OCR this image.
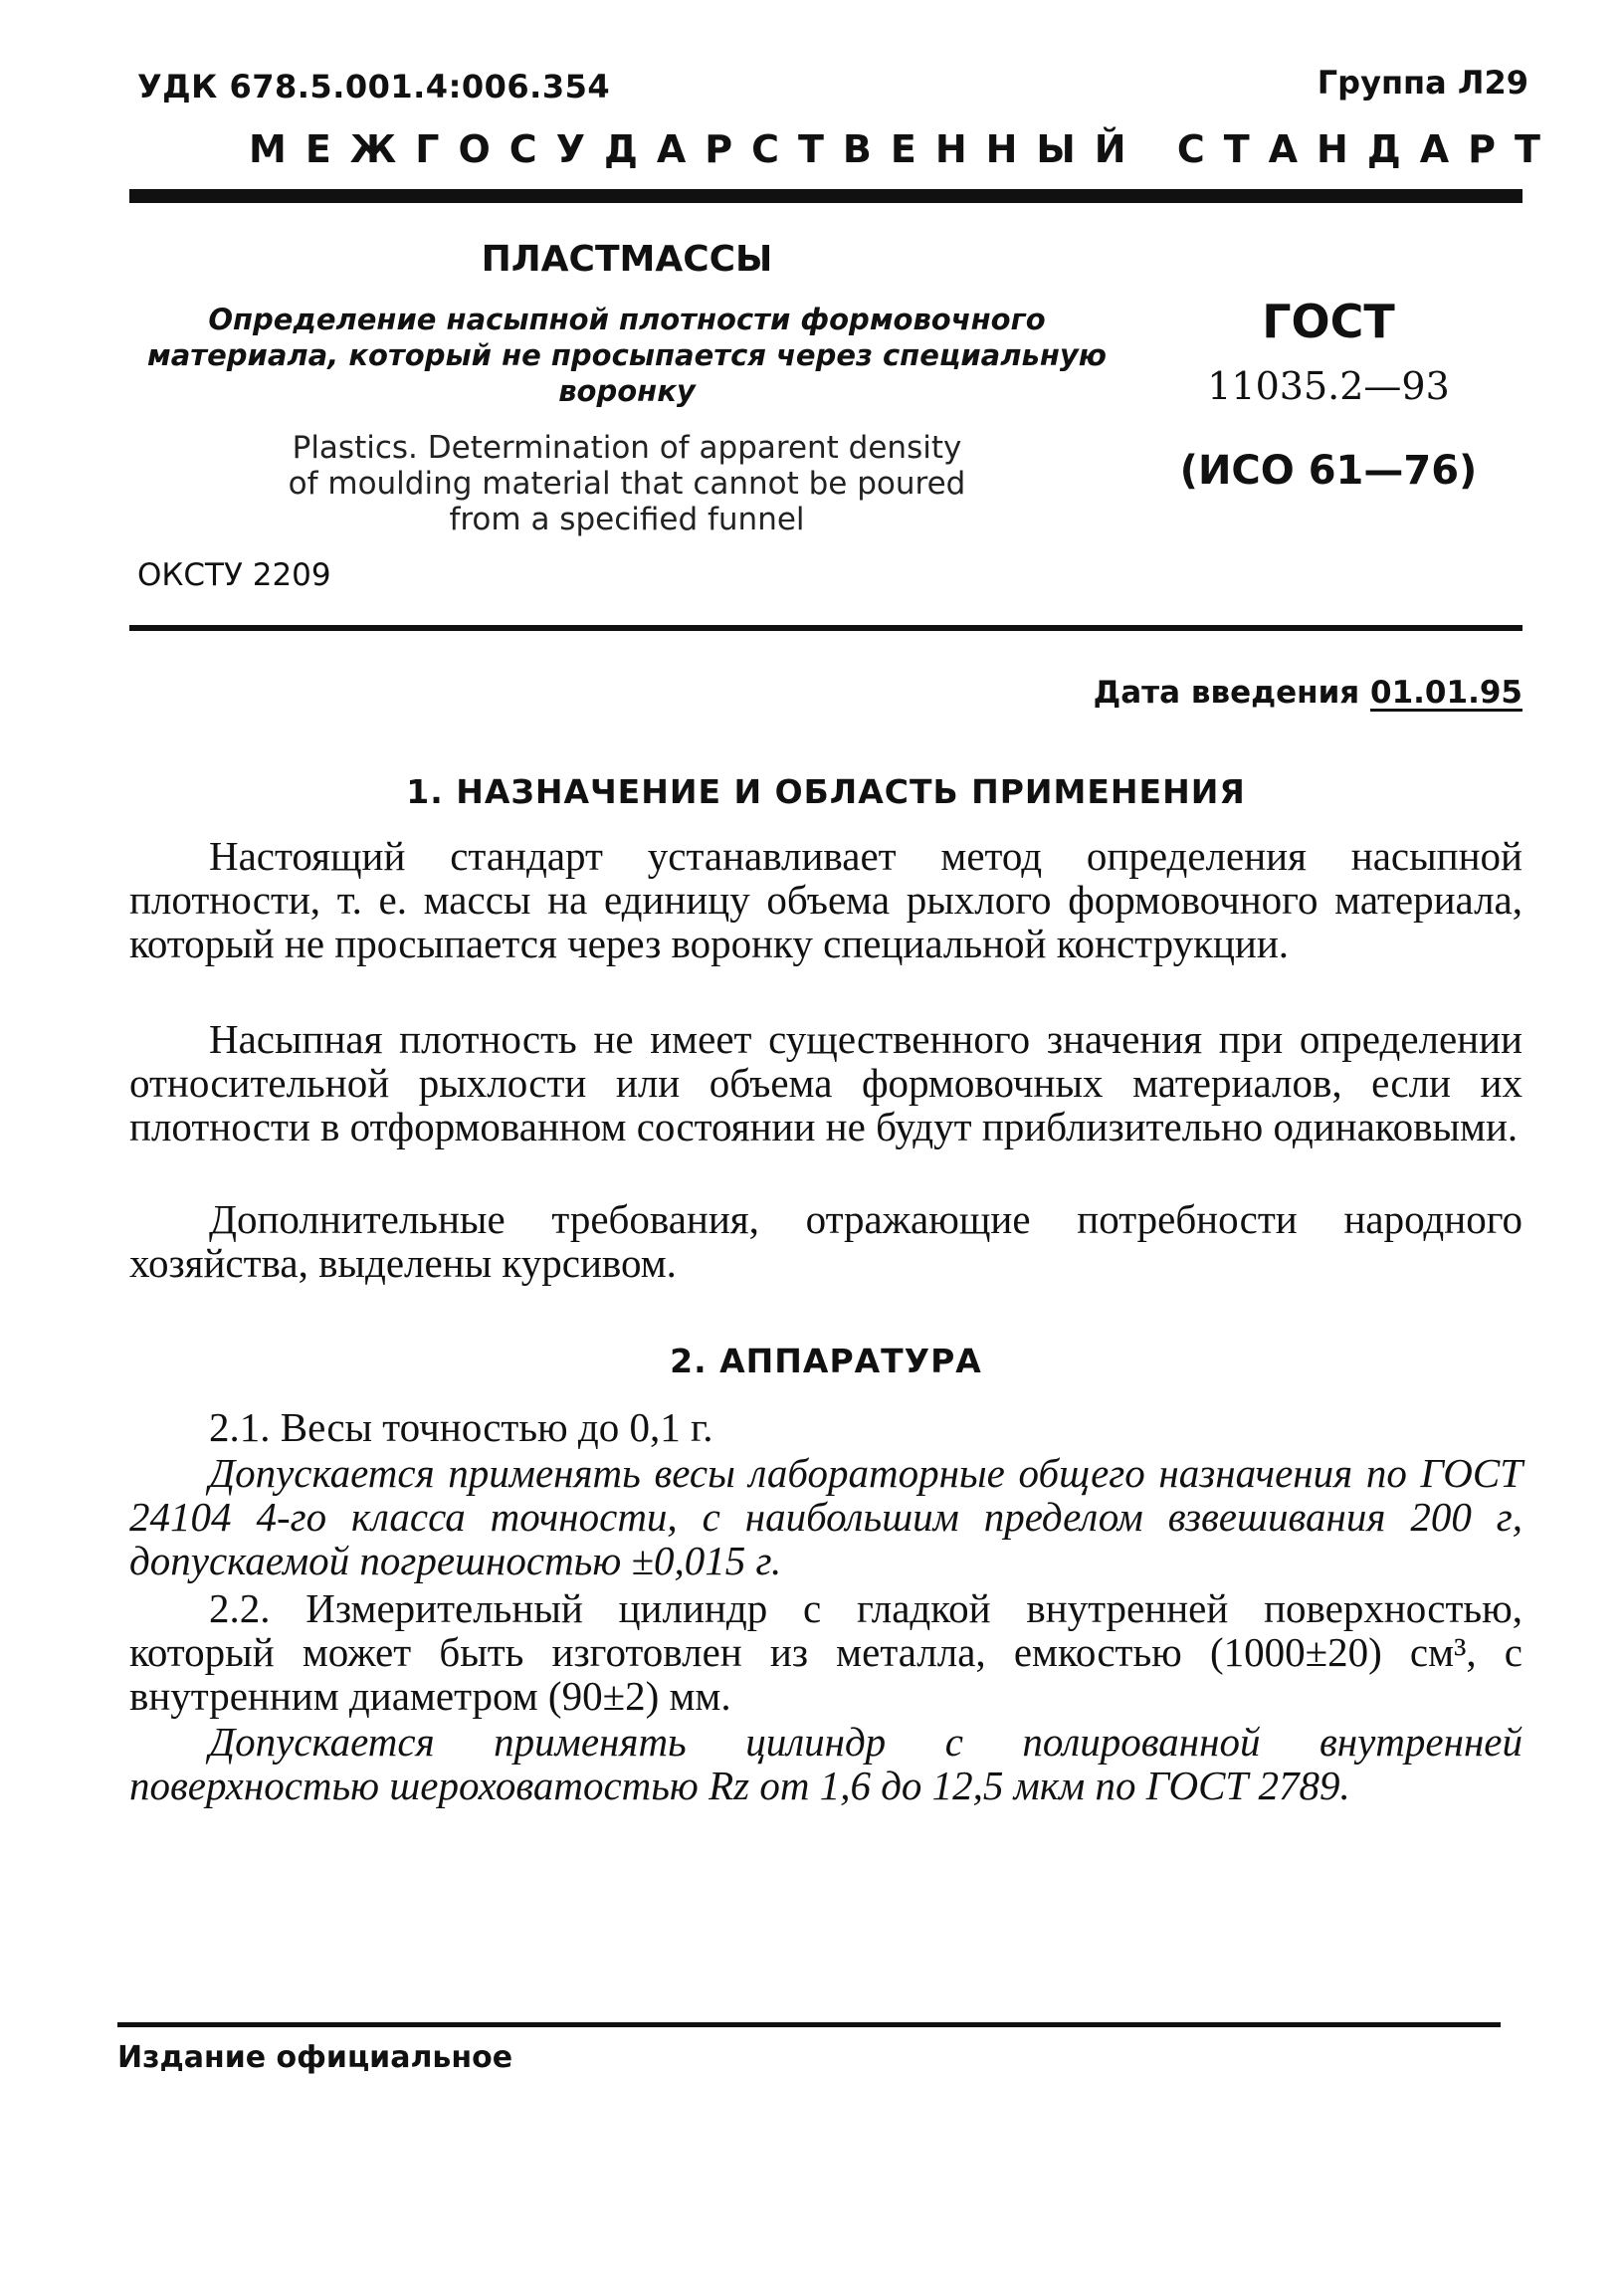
УДК 678.5.001.4:006.354	Группа Л29
МЕЖГОСУДАРСТВЕННЫЙ СТАНДАРТ
ПЛАСТМАССЫ
Определение насыпной плотности формовочного
материала, который не просыпается через специальную
воронку
Plastics. Determination of apparent density
of moulding material that cannot be poured
from a specified funnel
ГОСТ
11035.2—93
(ИСО 61—76)
ОКСТУ 2209
Дата введения 01.01.95
1. НАЗНАЧЕНИЕ И ОБЛАСТЬ ПРИМЕНЕНИЯ

Настоящий стандарт устанавливает метод определения насыпной плотности, т. е. массы на единицу объема рыхлого формовочного материала, который не просыпается через воронку специальной конструкции.

Насыпная плотность не имеет существенного значения при определении относительной рыхлости или объема формовочных материалов, если их плотности в отформованном состоянии не будут приблизительно одинаковыми.

Дополнительные требования, отражающие потребности народного хозяйства, выделены курсивом.

2. АППАРАТУРА

2.1. Весы точностью до 0,1 г.

Допускается применять весы лабораторные общего назначения по ГОСТ 24104 4-го класса точности, с наибольшим пределом взвешивания 200 г, допускаемой погрешностью ±0,015 г.

2.2. Измерительный цилиндр с гладкой внутренней поверхностью, который может быть изготовлен из металла, емкостью (1000±20) см³, с внутренним диаметром (90±2) мм.

Допускается применять цилиндр с полированной внутренней поверхностью шероховатостью Rz от 1,6 до 12,5 мкм по ГОСТ 2789.

Издание официальное
